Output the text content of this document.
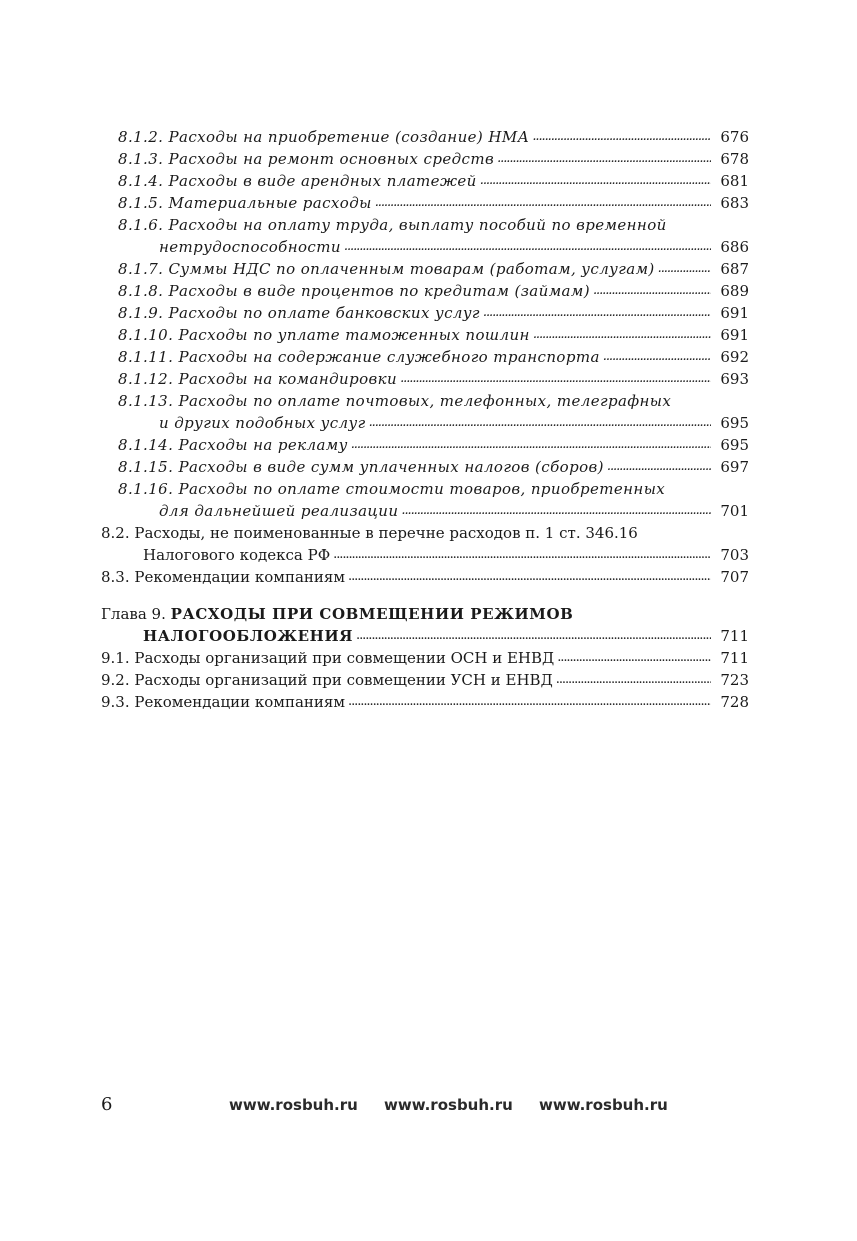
8.1.2. Расходы на приобретение (создание) НМА . . .	676
8.1.3. Расходы на ремонт основных средств . . .	678
8.1.4. Расходы в виде арендных платежей . . .	681
8.1.5. Материальные расходы . . .	683
8.1.6. Расходы на оплату труда, выплату пособий по временной
нетрудоспособности . . .	686
8.1.7. Суммы НДС по оплаченным товарам (работам, услугам) . . .	687
8.1.8. Расходы в виде процентов по кредитам (займам) . . .	689
8.1.9. Расходы по оплате банковских услуг . . .	691
8.1.10. Расходы по уплате таможенных пошлин . . .	691
8.1.11. Расходы на содержание служебного транспорта . . .	692
8.1.12. Расходы на командировки . . .	693
8.1.13. Расходы по оплате почтовых, телефонных, телеграфных
и других подобных услуг . . .	695
8.1.14. Расходы на рекламу . . .	695
8.1.15. Расходы в виде сумм уплаченных налогов (сборов) . . .	697
8.1.16. Расходы по оплате стоимости товаров, приобретенных
для дальнейшей реализации . . .	701
8.2. Расходы, не поименованные в перечне расходов п. 1 ст. 346.16
Налогового кодекса РФ . . .	703
8.3. Рекомендации компаниям . . .	707
Глава 9. РАСХОДЫ ПРИ СОВМЕЩЕНИИ РЕЖИМОВ
НАЛОГООБЛОЖЕНИЯ . . .	711
9.1. Расходы организаций при совмещении ОСН и ЕНВД . . .	711
9.2. Расходы организаций при совмещении УСН и ЕНВД . . .	723
9.3. Рекомендации компаниям . . .	728
6	www.rosbuh.ru www.rosbuh.ru www.rosbuh.ru
